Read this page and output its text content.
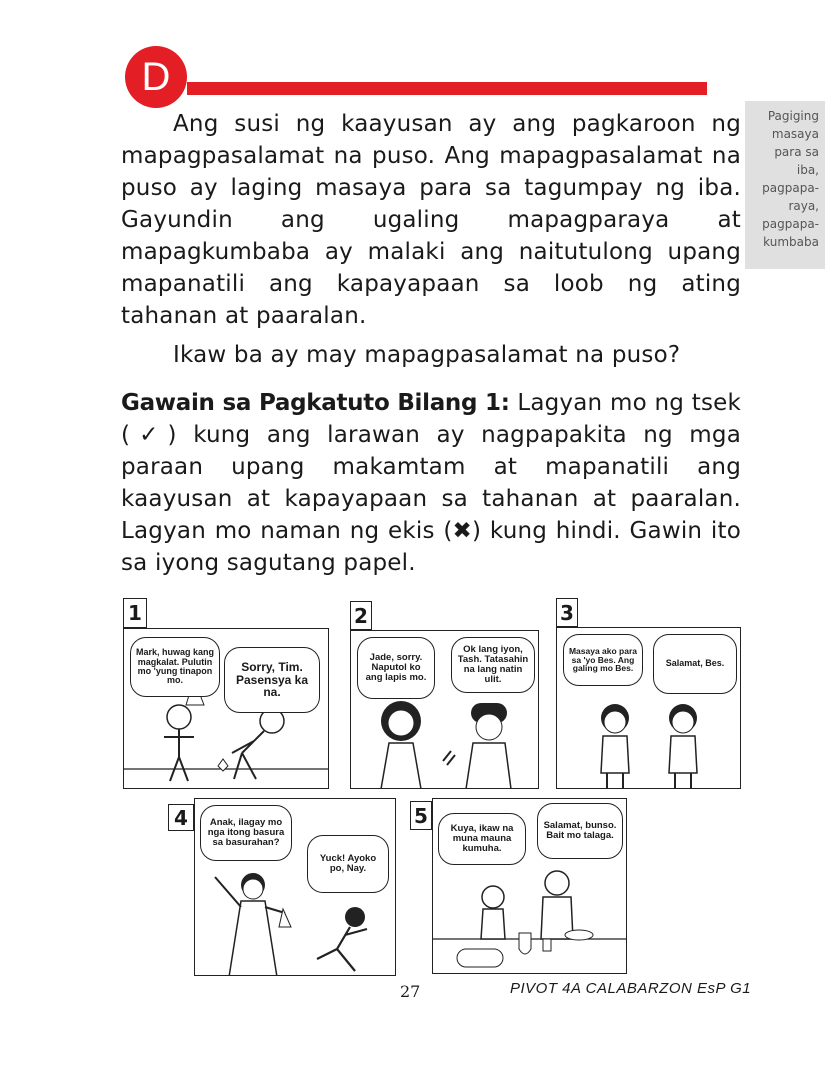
D
Pagiging
masaya
para sa
iba,
pagpapa-
raya,
pagpapa-
kumbaba

Ang susi ng kaayusan ay ang pagkaroon ng mapagpasalamat na puso. Ang mapagpasalamat na puso ay laging masaya para sa tagumpay ng iba. Gayundin ang ugaling mapagparaya at mapagkumbaba ay malaki ang naitutulong upang mapanatili ang kapayapaan sa loob ng ating tahanan at paaralan.

Ikaw ba ay may mapagpasalamat na puso?

Gawain sa Pagkatuto Bilang 1: Lagyan mo ng tsek (✓) kung ang larawan ay nagpapakita ng mga paraan upang makamtam at mapanatili ang kaayusan at kapayapaan sa tahanan at paaralan. Lagyan mo naman ng ekis (✖) kung hindi. Gawin ito sa iyong sagutang papel.

1
Mark, huwag kang magkalat. Pulutin mo 'yung tinapon mo.
Sorry, Tim. Pasensya ka na.
2
Jade, sorry. Naputol ko ang lapis mo.
Ok lang iyon, Tash. Tatasahin na lang natin ulit.
3
Masaya ako para sa 'yo Bes. Ang galing mo Bes.
Salamat, Bes.
4	Anak, ilagay mo nga itong basura sa basurahan?
Yuck! Ayoko po, Nay.
5
Kuya, ikaw na muna mauna kumuha.
Salamat, bunso. Bait mo talaga.
27	PIVOT 4A CALABARZON EsP G1
